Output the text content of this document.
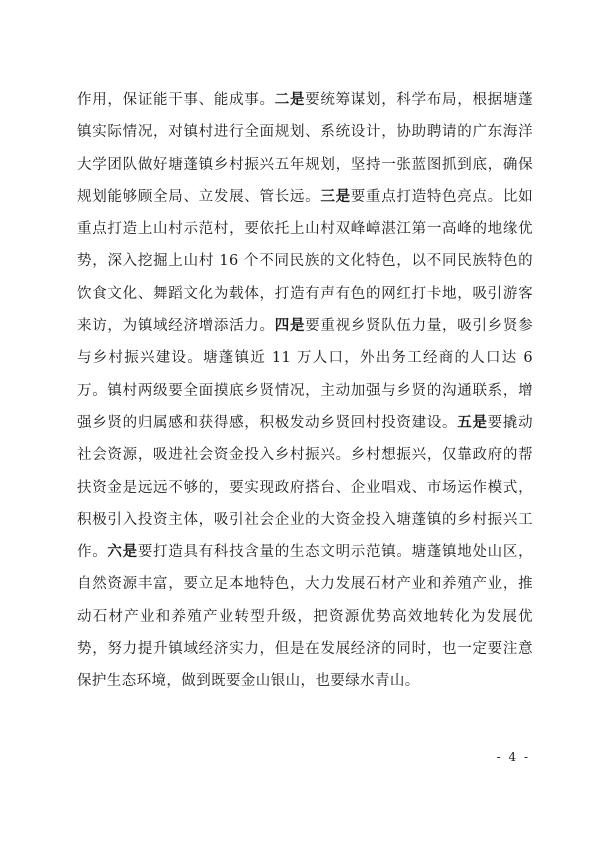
作用，保证能干事、能成事。二是要统筹谋划，科学布局，根据塘蓬镇实际情况，对镇村进行全面规划、系统设计，协助聘请的广东海洋大学团队做好塘蓬镇乡村振兴五年规划，坚持一张蓝图抓到底，确保规划能够顾全局、立发展、管长远。三是要重点打造特色亮点。比如重点打造上山村示范村，要依托上山村双峰嶂湛江第一高峰的地缘优势，深入挖掘上山村 16 个不同民族的文化特色，以不同民族特色的饮食文化、舞蹈文化为载体，打造有声有色的网红打卡地，吸引游客来访，为镇域经济增添活力。四是要重视乡贤队伍力量，吸引乡贤参与乡村振兴建设。塘蓬镇近 11 万人口，外出务工经商的人口达 6 万。镇村两级要全面摸底乡贤情况，主动加强与乡贤的沟通联系，增强乡贤的归属感和获得感，积极发动乡贤回村投资建设。五是要撬动社会资源，吸进社会资金投入乡村振兴。乡村想振兴，仅靠政府的帮扶资金是远远不够的，要实现政府搭台、企业唱戏、市场运作模式，积极引入投资主体，吸引社会企业的大资金投入塘蓬镇的乡村振兴工作。六是要打造具有科技含量的生态文明示范镇。塘蓬镇地处山区，自然资源丰富，要立足本地特色，大力发展石材产业和养殖产业，推动石材产业和养殖产业转型升级，把资源优势高效地转化为发展优势，努力提升镇域经济实力，但是在发展经济的同时，也一定要注意保护生态环境，做到既要金山银山，也要绿水青山。

- 4 -
